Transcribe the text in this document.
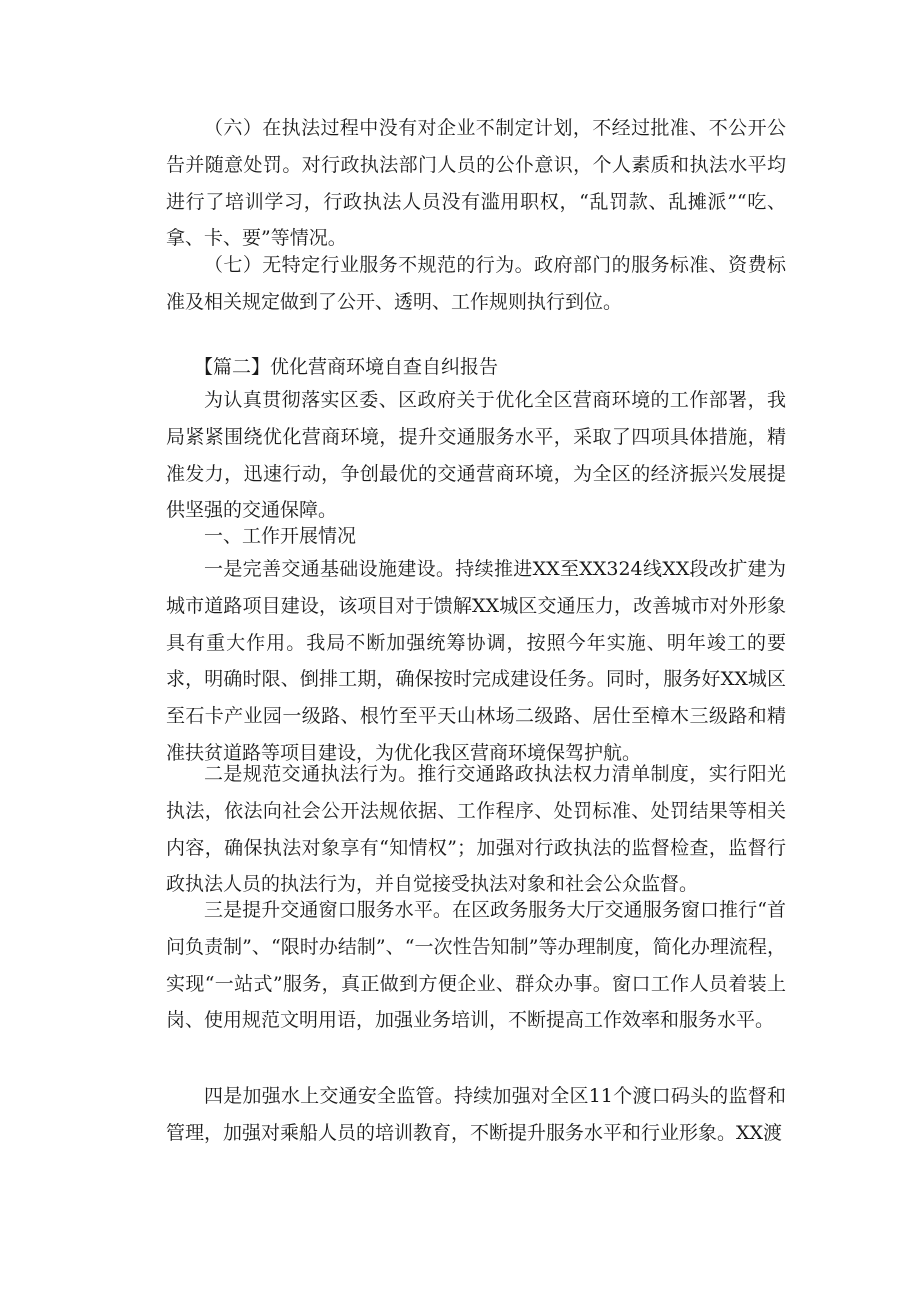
（六）在执法过程中没有对企业不制定计划，不经过批准、不公开公告并随意处罚。对行政执法部门人员的公仆意识，个人素质和执法水平均进行了培训学习，行政执法人员没有滥用职权，“乱罚款、乱摊派”“吃、拿、卡、要”等情况。

（七）无特定行业服务不规范的行为。政府部门的服务标准、资费标准及相关规定做到了公开、透明、工作规则执行到位。

【篇二】优化营商环境自查自纠报告

为认真贯彻落实区委、区政府关于优化全区营商环境的工作部署，我局紧紧围绕优化营商环境，提升交通服务水平，采取了四项具体措施，精准发力，迅速行动，争创最优的交通营商环境，为全区的经济振兴发展提供坚强的交通保障。

一、工作开展情况

一是完善交通基础设施建设。持续推进XX至XX324线XX段改扩建为城市道路项目建设，该项目对于馈解XX城区交通压力，改善城市对外形象具有重大作用。我局不断加强统筹协调，按照今年实施、明年竣工的要求，明确时限、倒排工期，确保按时完成建设任务。同时，服务好XX城区至石卡产业园一级路、根竹至平天山林场二级路、居仕至樟木三级路和精准扶贫道路等项目建设，为优化我区营商环境保驾护航。

二是规范交通执法行为。推行交通路政执法权力清单制度，实行阳光执法，依法向社会公开法规依据、工作程序、处罚标准、处罚结果等相关内容，确保执法对象享有“知情权”；加强对行政执法的监督检查，监督行政执法人员的执法行为，并自觉接受执法对象和社会公众监督。

三是提升交通窗口服务水平。在区政务服务大厅交通服务窗口推行“首问负责制”、“限时办结制”、“一次性告知制”等办理制度，简化办理流程，实现“一站式”服务，真正做到方便企业、群众办事。窗口工作人员着装上岗、使用规范文明用语，加强业务培训，不断提高工作效率和服务水平。

四是加强水上交通安全监管。持续加强对全区11个渡口码头的监督和管理，加强对乘船人员的培训教育，不断提升服务水平和行业形象。XX渡
